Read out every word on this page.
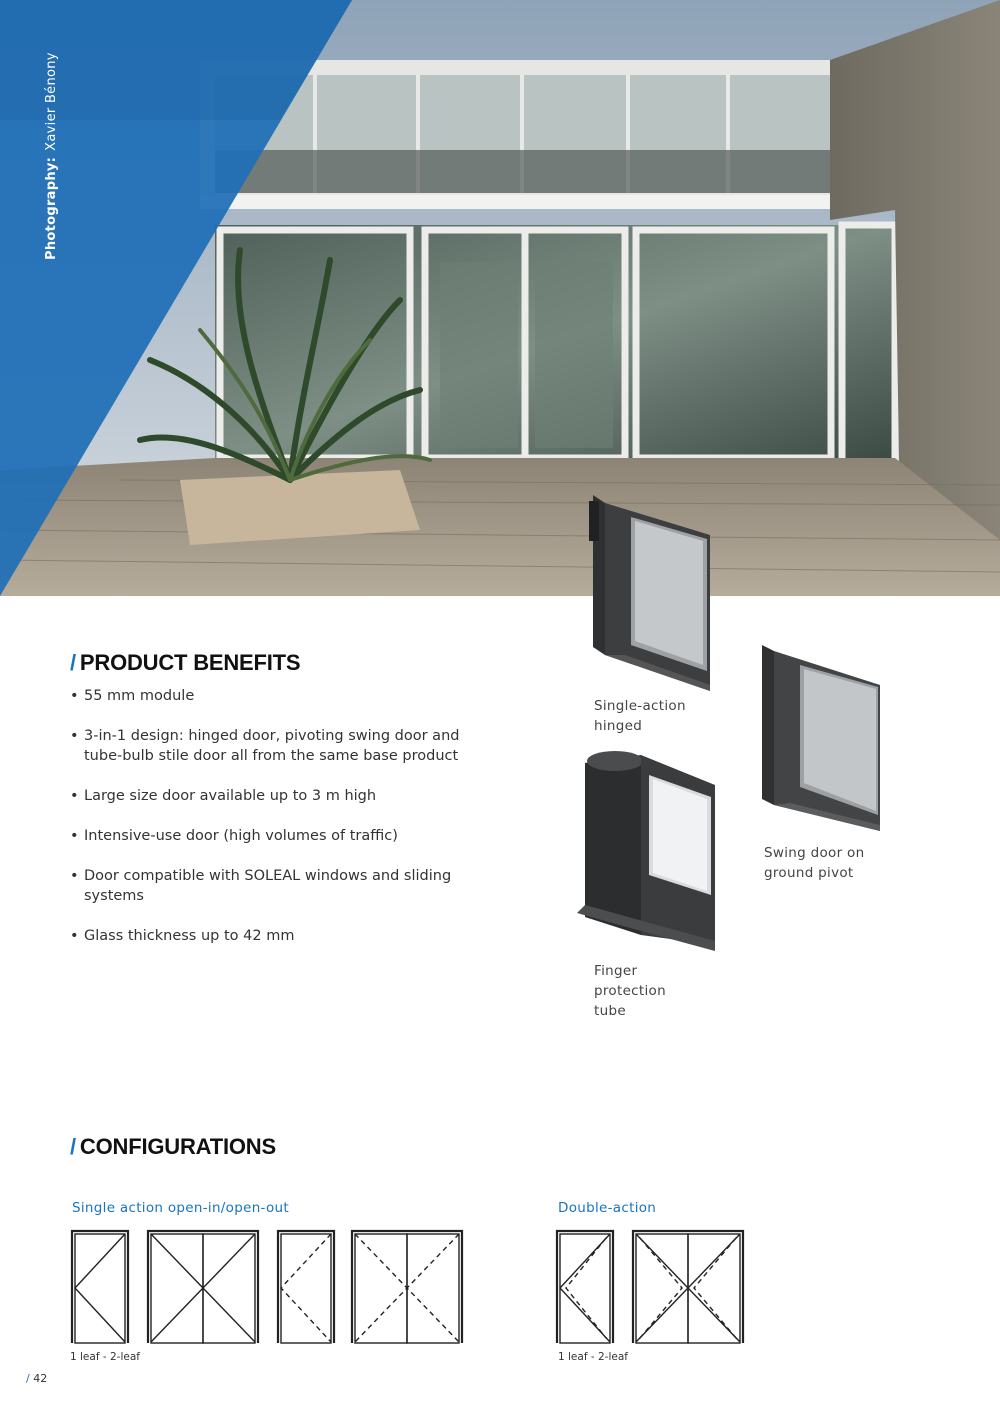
Photography:Xavier Bénony
/ PRODUCT BENEFITS
• 55 mm module
• 3-in-1 design: hinged door, pivoting swing door and tube-bulb stile door all from the same base product
• Large size door available up to 3 m high
• Intensive-use door (high volumes of traffic)
• Door compatible with SOLEAL windows and sliding systems
• Glass thickness up to 42 mm
Single-action hinged
Swing door on ground pivot
Finger protection tube
/ CONFIGURATIONS
Single action open-in/open-out	Double-action
1 leaf - 2-leaf	1 leaf - 2-leaf
/ 42
